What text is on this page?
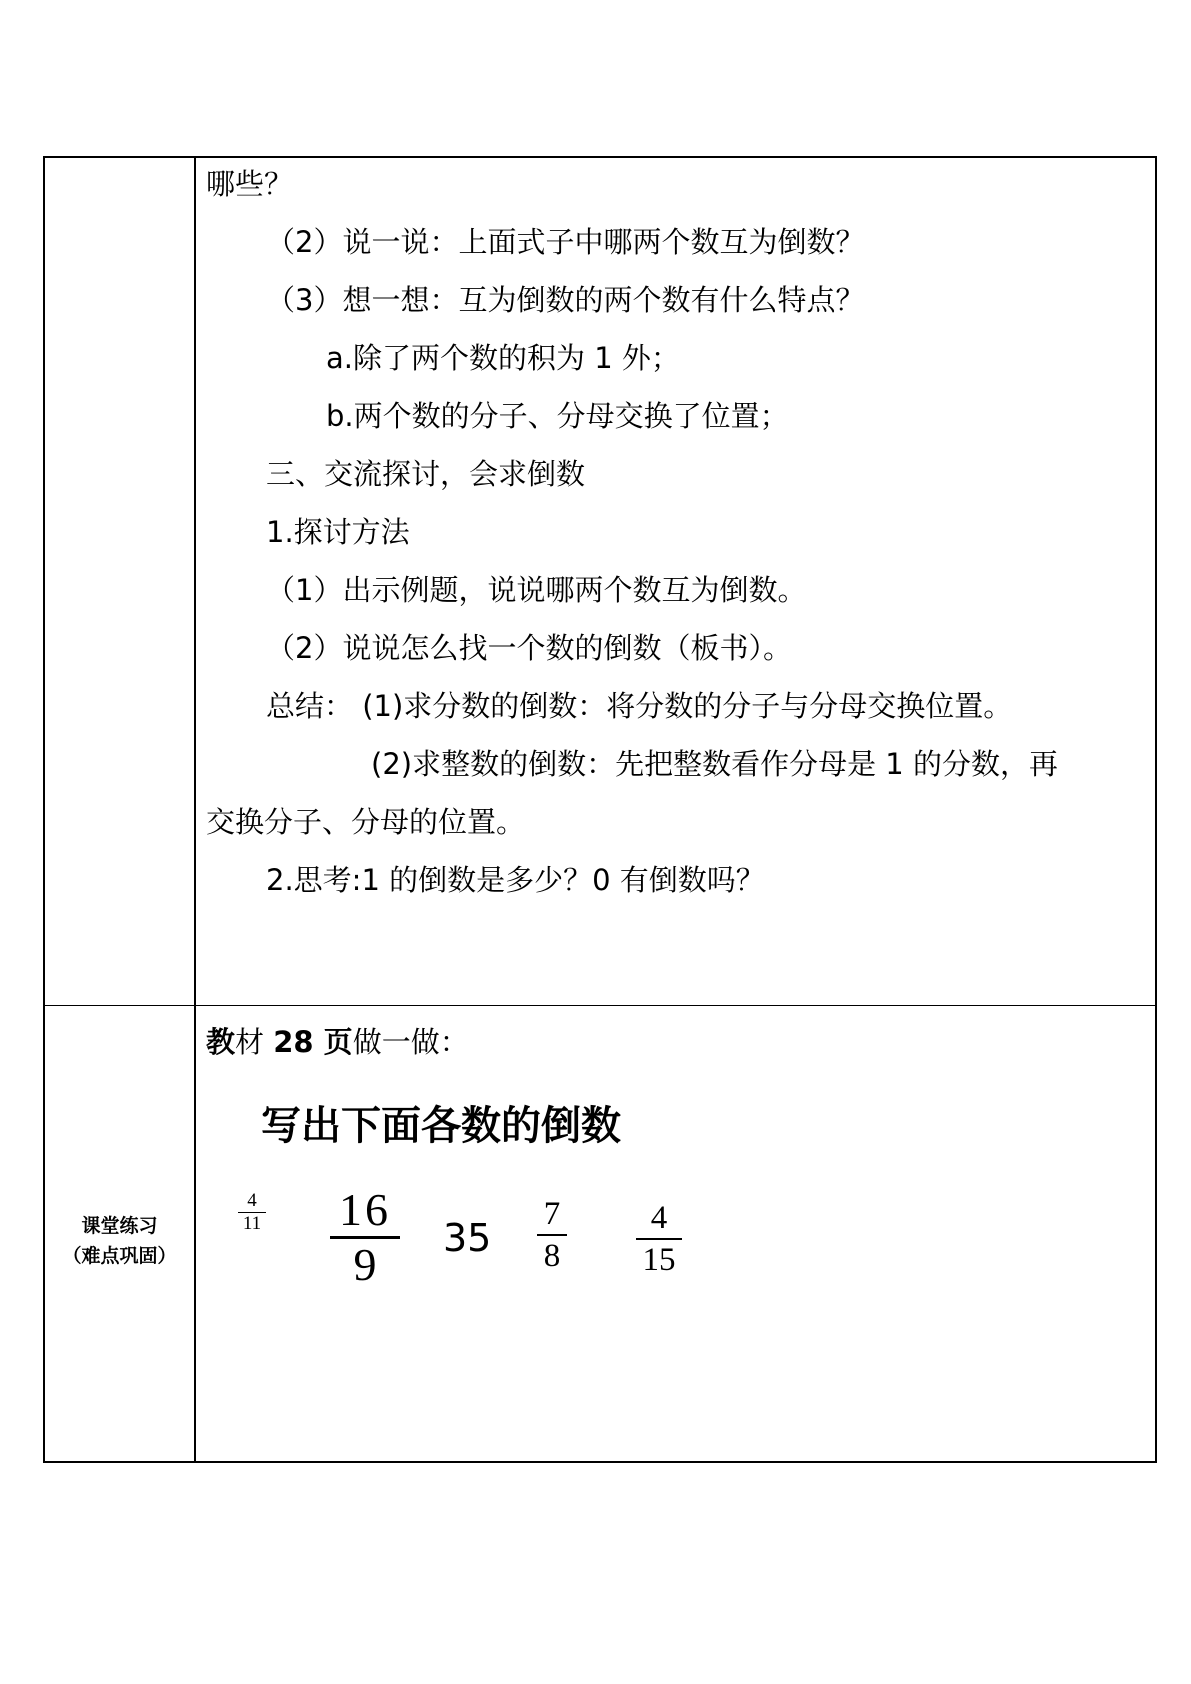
哪些？
（2）说一说：上面式子中哪两个数互为倒数？
（3）想一想：互为倒数的两个数有什么特点？
a.除了两个数的积为 1 外；
b.两个数的分子、分母交换了位置；
三、交流探讨，会求倒数
1.探讨方法
（1）出示例题，说说哪两个数互为倒数。
（2）说说怎么找一个数的倒数（板书）。
总结： (1)求分数的倒数：将分数的分子与分母交换位置。
(2)求整数的倒数：先把整数看作分母是 1 的分数，再
交换分子、分母的位置。
2.思考:1 的倒数是多少？0 有倒数吗？
课堂练习
（难点巩固）
教材 28 页做一做：
写出下面各数的倒数
4
11 16
9
35
7
8
4
15
